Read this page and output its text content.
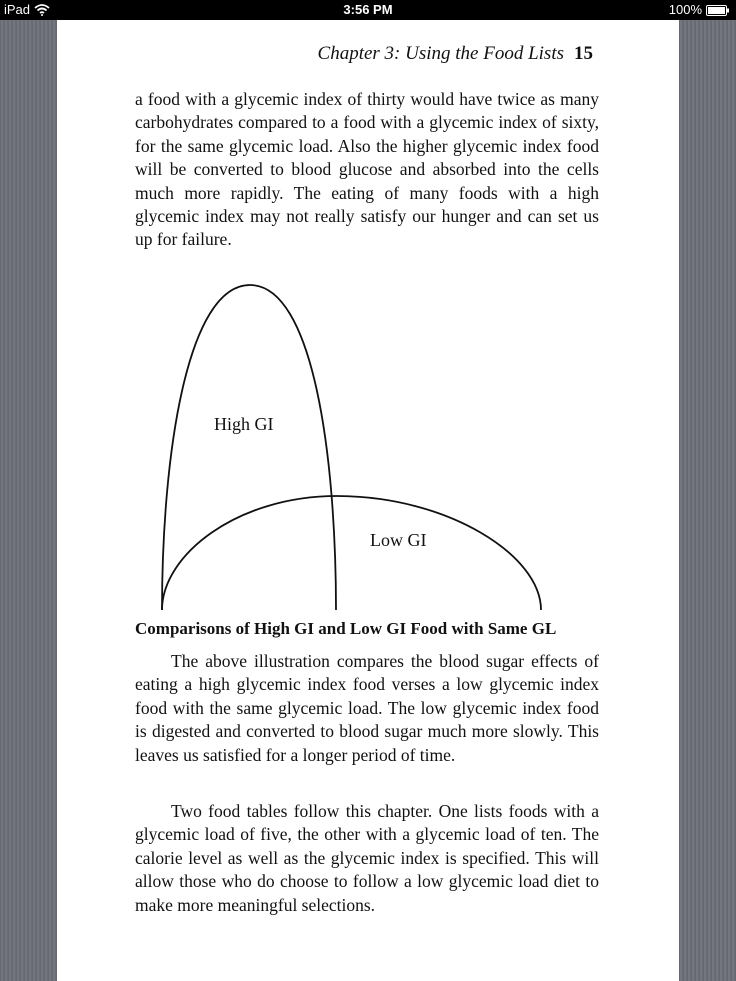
iPad	3:56 PM	100%
Chapter 3: Using the Food Lists 15

a food with a glycemic index of thirty would have twice as many carbohydrates compared to a food with a glycemic index of sixty, for the same glycemic load. Also the higher glycemic index food will be converted to blood glucose and absorbed into the cells much more rapidly. The eating of many foods with a high glycemic index may not really satisfy our hunger and can set us up for failure.

High GI
Low GI
Comparisons of High GI and Low GI Food with Same GL

The above illustration compares the blood sugar effects of eating a high glycemic index food verses a low glycemic index food with the same glycemic load. The low glycemic index food is digested and converted to blood sugar much more slowly. This leaves us satisfied for a longer period of time.

Two food tables follow this chapter. One lists foods with a glycemic load of five, the other with a glycemic load of ten. The calorie level as well as the glycemic index is specified. This will allow those who do choose to follow a low glycemic load diet to make more meaningful selections.
